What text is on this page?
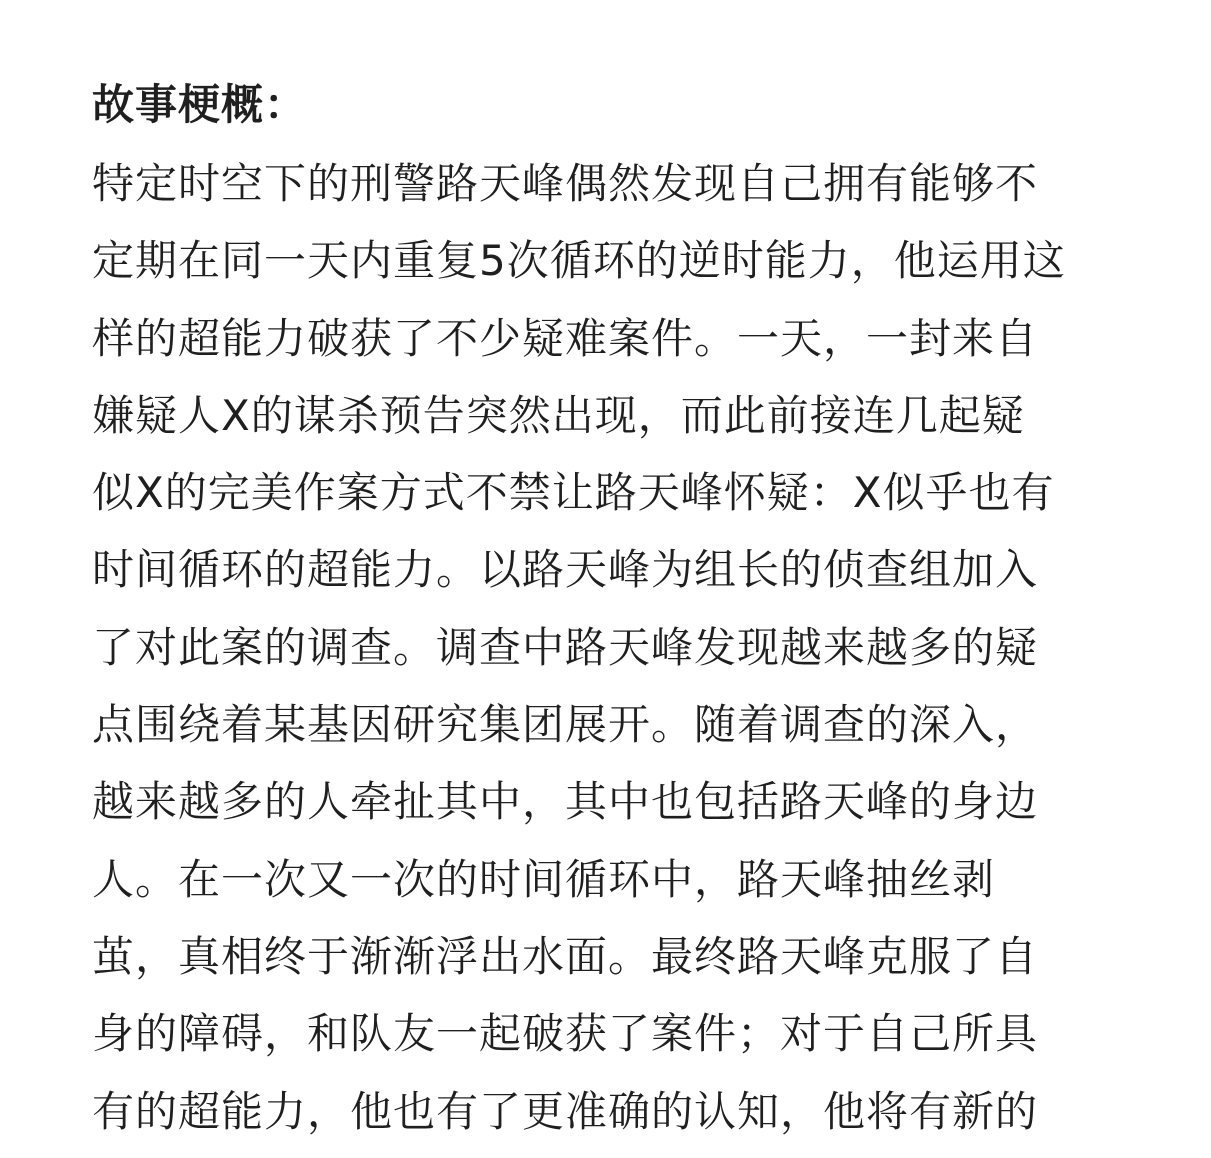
故事梗概：
特定时空下的刑警路天峰偶然发现自己拥有能够不
定期在同一天内重复5次循环的逆时能力，他运用这
样的超能力破获了不少疑难案件。一天，一封来自
嫌疑人X的谋杀预告突然出现，而此前接连几起疑
似X的完美作案方式不禁让路天峰怀疑：X似乎也有
时间循环的超能力。以路天峰为组长的侦查组加入
了对此案的调查。调查中路天峰发现越来越多的疑
点围绕着某基因研究集团展开。随着调查的深入，
越来越多的人牵扯其中，其中也包括路天峰的身边
人。在一次又一次的时间循环中，路天峰抽丝剥
茧，真相终于渐渐浮出水面。最终路天峰克服了自
身的障碍，和队友一起破获了案件；对于自己所具
有的超能力，他也有了更准确的认知，他将有新的
